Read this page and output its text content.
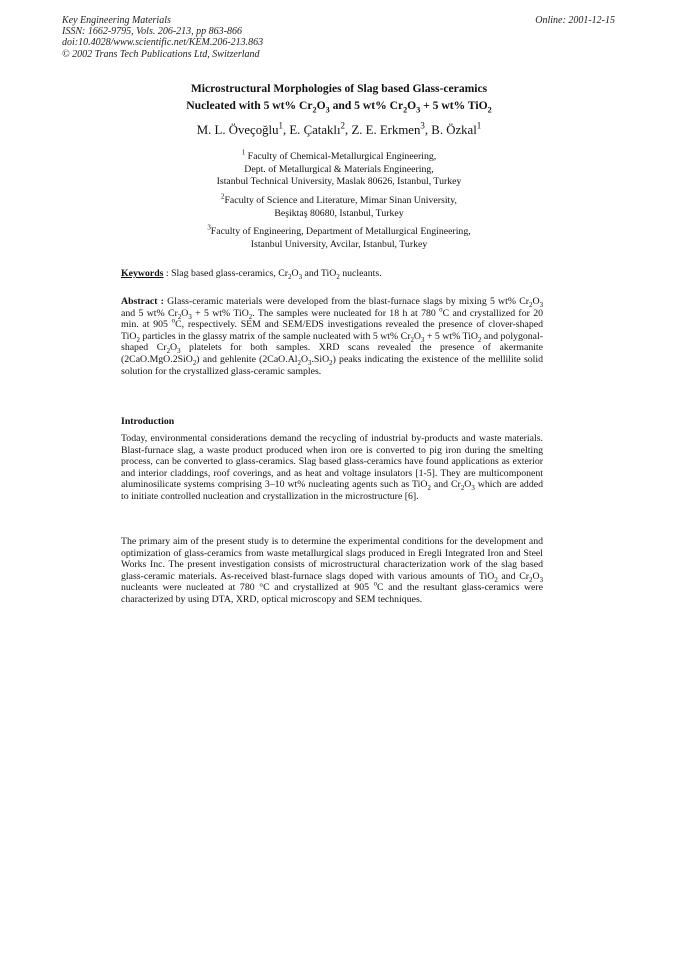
Key Engineering Materials
ISSN: 1662-9795, Vols. 206-213, pp 863-866
doi:10.4028/www.scientific.net/KEM.206-213.863
© 2002 Trans Tech Publications Ltd, Switzerland
Online: 2001-12-15
Microstructural Morphologies of Slag based Glass-ceramics
Nucleated with 5 wt% $Cr_2O_3$ and 5 wt% $Cr_2O_3 + 5$ wt% TiO$_2$
M. L. Öveçoğlu$^1$, E. Çataklı$^2$, Z. E. Erkmen$^3$, B. Özkal$^1$
$^1$ Faculty of Chemical-Metallurgical Engineering,
Dept. of Metallurgical & Materials Engineering,
Istanbul Technical University, Maslak 80626, Istanbul, Turkey
$^2$Faculty of Science and Literature, Mimar Sinan University,
Beşiktaş 80680, Istanbul, Turkey
$^3$Faculty of Engineering, Department of Metallurgical Engineering,
Istanbul University, Avcilar, Istanbul, Turkey
Keywords : Slag based glass-ceramics, $Cr_2O_3$ and TiO$_2$ nucleants.
Abstract : Glass-ceramic materials were developed from the blast-furnace slags by mixing 5 wt% $Cr_2O_3$ and 5 wt% $Cr_2O_3 + 5$ wt% TiO$_2$. The samples were nucleated for 18 h at 780 $^o$C and crystallized for 20 min. at 905 $^o$C, respectively. SEM and SEM/EDS investigations revealed the presence of clover-shaped TiO$_2$ particles in the glassy matrix of the sample nucleated with 5 wt% $Cr_2O_3 + 5$ wt% TiO$_2$ and polygonal-shaped $Cr_2O_3$ platelets for both samples. XRD scans revealed the presence of akermanite (2CaO.MgO.2SiO$_2$) and gehlenite $(2CaO.Al_2O_3.SiO_2)$ peaks indicating the existence of the mellilite solid solution for the crystallized glass-ceramic samples.
Introduction
Today, environmental considerations demand the recycling of industrial by-products and waste materials. Blast-furnace slag, a waste product produced when iron ore is converted to pig iron during the smelting process, can be converted to glass-ceramics. Slag based glass-ceramics have found applications as exterior and interior claddings, roof coverings, and as heat and voltage insulators [1-5]. They are multicomponent aluminosilicate systems comprising 3–10 wt% nucleating agents such as TiO$_2$ and $Cr_2O_3$ which are added to initiate controlled nucleation and crystallization in the microstructure [6].
The primary aim of the present study is to determine the experimental conditions for the development and optimization of glass-ceramics from waste metallurgical slags produced in Eregli Integrated Iron and Steel Works Inc. The present investigation consists of microstructural characterization work of the slag based glass-ceramic materials. As-received blast-furnace slags doped with various amounts of TiO$_2$ and $Cr_2O_3$ nucleants were nucleated at 780 °C and crystallized at 905 $^o$C and the resultant glass-ceramics were characterized by using DTA, XRD, optical microscopy and SEM techniques.
